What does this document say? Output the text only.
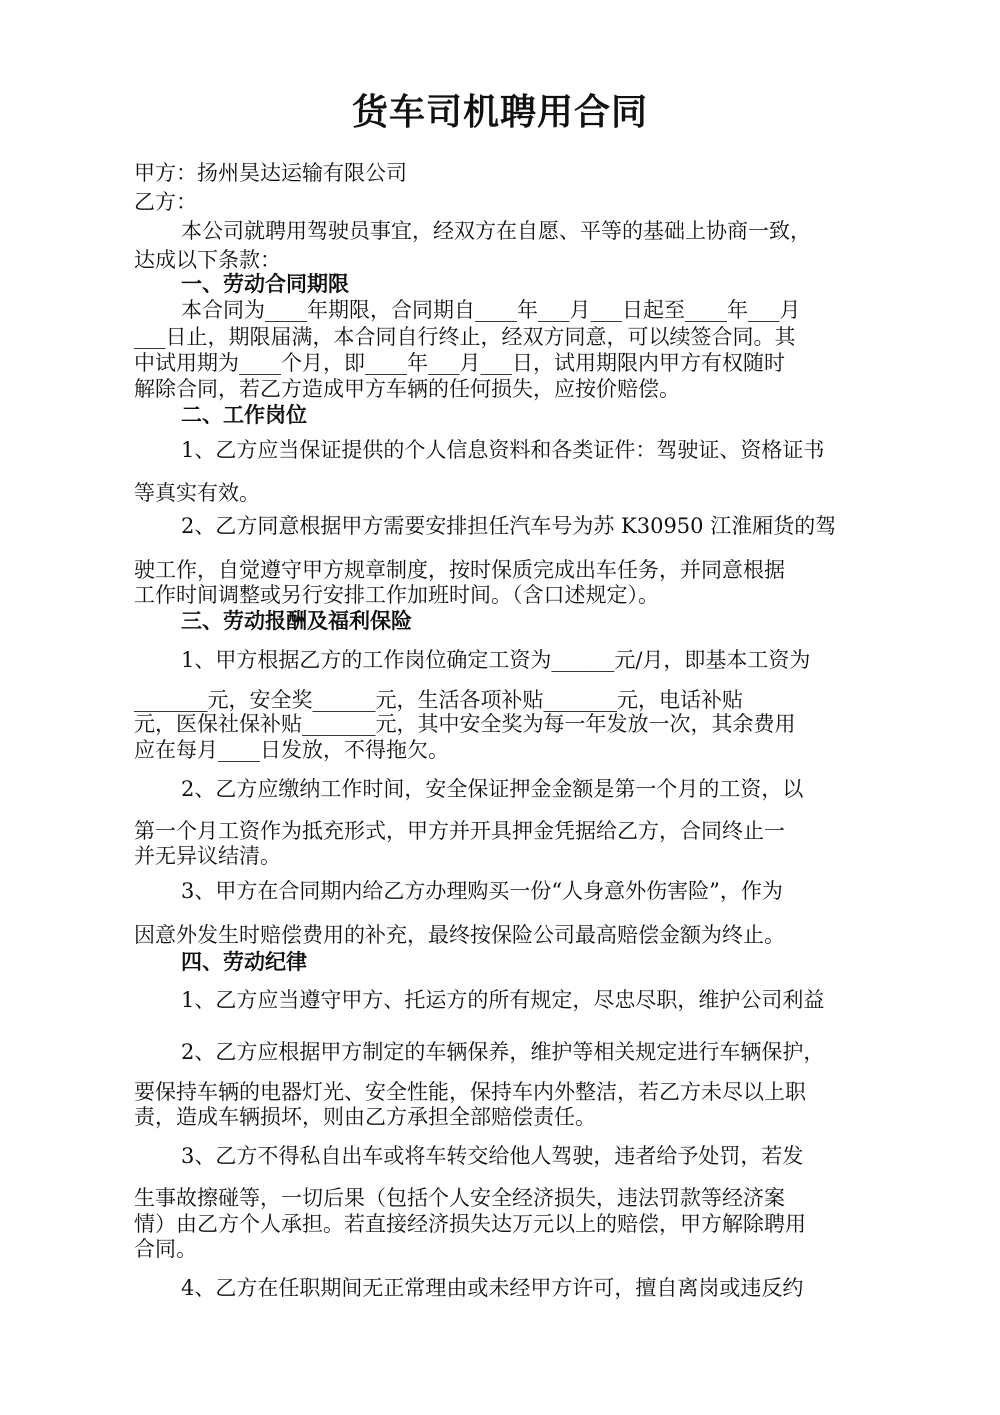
货车司机聘用合同

甲方：扬州昊达运输有限公司

乙方：

本公司就聘用驾驶员事宜，经双方在自愿、平等的基础上协商一致，

达成以下条款：

一、劳动合同期限

本合同为____年期限，合同期自____年___月___日起至____年___月

___日止，期限届满，本合同自行终止，经双方同意，可以续签合同。其

中试用期为____个月，即____年___月___日，试用期限内甲方有权随时

解除合同，若乙方造成甲方车辆的任何损失，应按价赔偿。

二、工作岗位

1、乙方应当保证提供的个人信息资料和各类证件：驾驶证、资格证书

等真实有效。

2、乙方同意根据甲方需要安排担任汽车号为苏 K30950 江淮厢货的驾

驶工作，自觉遵守甲方规章制度，按时保质完成出车任务，并同意根据

工作时间调整或另行安排工作加班时间。（含口述规定）。

三、劳动报酬及福利保险

1、甲方根据乙方的工作岗位确定工资为______元/月，即基本工资为

_______元，安全奖______元，生活各项补贴_______元，电话补贴

元，医保社保补贴_______元，其中安全奖为每一年发放一次，其余费用

应在每月____日发放，不得拖欠。

2、乙方应缴纳工作时间，安全保证押金金额是第一个月的工资，以

第一个月工资作为抵充形式，甲方并开具押金凭据给乙方，合同终止一

并无异议结清。

3、甲方在合同期内给乙方办理购买一份“人身意外伤害险”，作为

因意外发生时赔偿费用的补充，最终按保险公司最高赔偿金额为终止。

四、劳动纪律

1、乙方应当遵守甲方、托运方的所有规定，尽忠尽职，维护公司利益

2、乙方应根据甲方制定的车辆保养，维护等相关规定进行车辆保护，

要保持车辆的电器灯光、安全性能，保持车内外整洁，若乙方未尽以上职

责，造成车辆损坏，则由乙方承担全部赔偿责任。

3、乙方不得私自出车或将车转交给他人驾驶，违者给予处罚，若发

生事故擦碰等，一切后果（包括个人安全经济损失，违法罚款等经济案

情）由乙方个人承担。若直接经济损失达万元以上的赔偿，甲方解除聘用

合同。

4、乙方在任职期间无正常理由或未经甲方许可，擅自离岗或违反约
